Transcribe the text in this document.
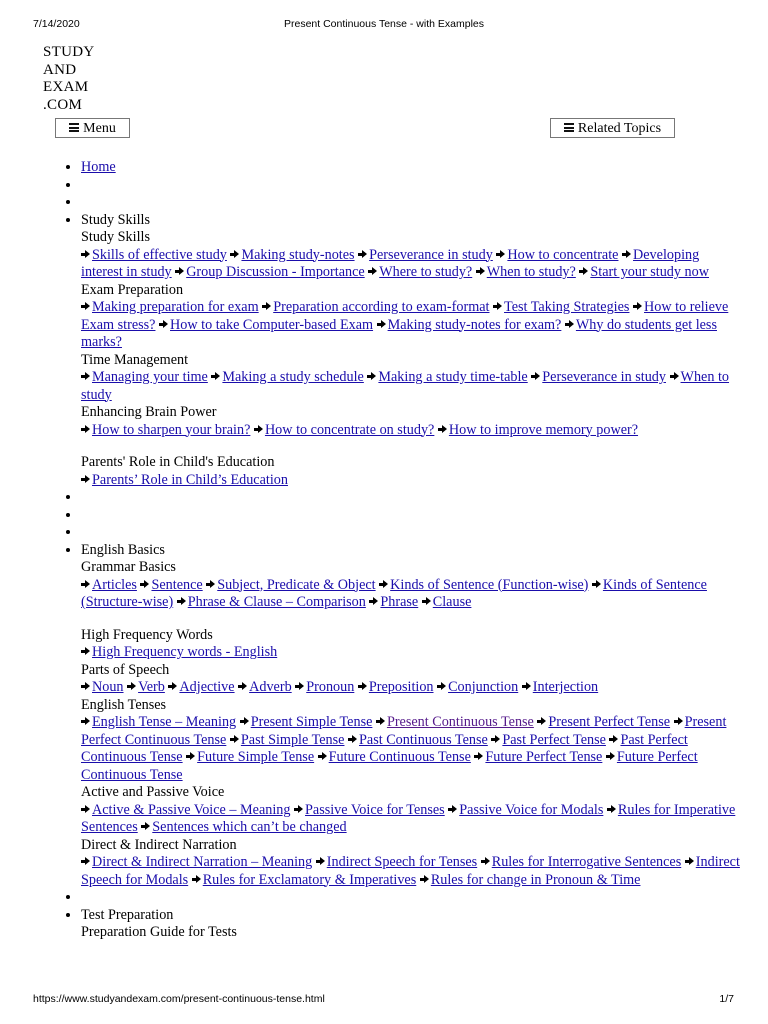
7/14/2020	Present Continuous Tense - with Examples
STUDY
AND
EXAM
.COM
Menu	Related Topics
• Home
•
•
• Study Skills
Study Skills
Skills of effective study Making study-notes Perseverance in study How to concentrate Developing interest in study Group Discussion - Importance Where to study? When to study? Start your study now
Exam Preparation
Making preparation for exam Preparation according to exam-format Test Taking Strategies How to relieve Exam stress? How to take Computer-based Exam Making study-notes for exam? Why do students get less marks?
Time Management
Managing your time Making a study schedule Making a study time-table Perseverance in study When to study
Enhancing Brain Power
How to sharpen your brain? How to concentrate on study? How to improve memory power?
Parents' Role in Child's Education
Parents’ Role in Child’s Education
•
•
•
• English Basics
Grammar Basics
Articles Sentence Subject, Predicate & Object Kinds of Sentence (Function-wise) Kinds of Sentence (Structure-wise) Phrase & Clause – Comparison Phrase Clause
High Frequency Words
High Frequency words - English
Parts of Speech
Noun Verb Adjective Adverb Pronoun Preposition Conjunction Interjection
English Tenses
English Tense – Meaning Present Simple Tense Present Continuous Tense Present Perfect Tense Present Perfect Continuous Tense Past Simple Tense Past Continuous Tense Past Perfect Tense Past Perfect Continuous Tense Future Simple Tense Future Continuous Tense Future Perfect Tense Future Perfect Continuous Tense
Active and Passive Voice
Active & Passive Voice – Meaning Passive Voice for Tenses Passive Voice for Modals Rules for Imperative Sentences Sentences which can’t be changed
Direct & Indirect Narration
Direct & Indirect Narration – Meaning Indirect Speech for Tenses Rules for Interrogative Sentences Indirect Speech for Modals Rules for Exclamatory & Imperatives Rules for change in Pronoun & Time
•
• Test Preparation
Preparation Guide for Tests
https://www.studyandexam.com/present-continuous-tense.html	1/7
